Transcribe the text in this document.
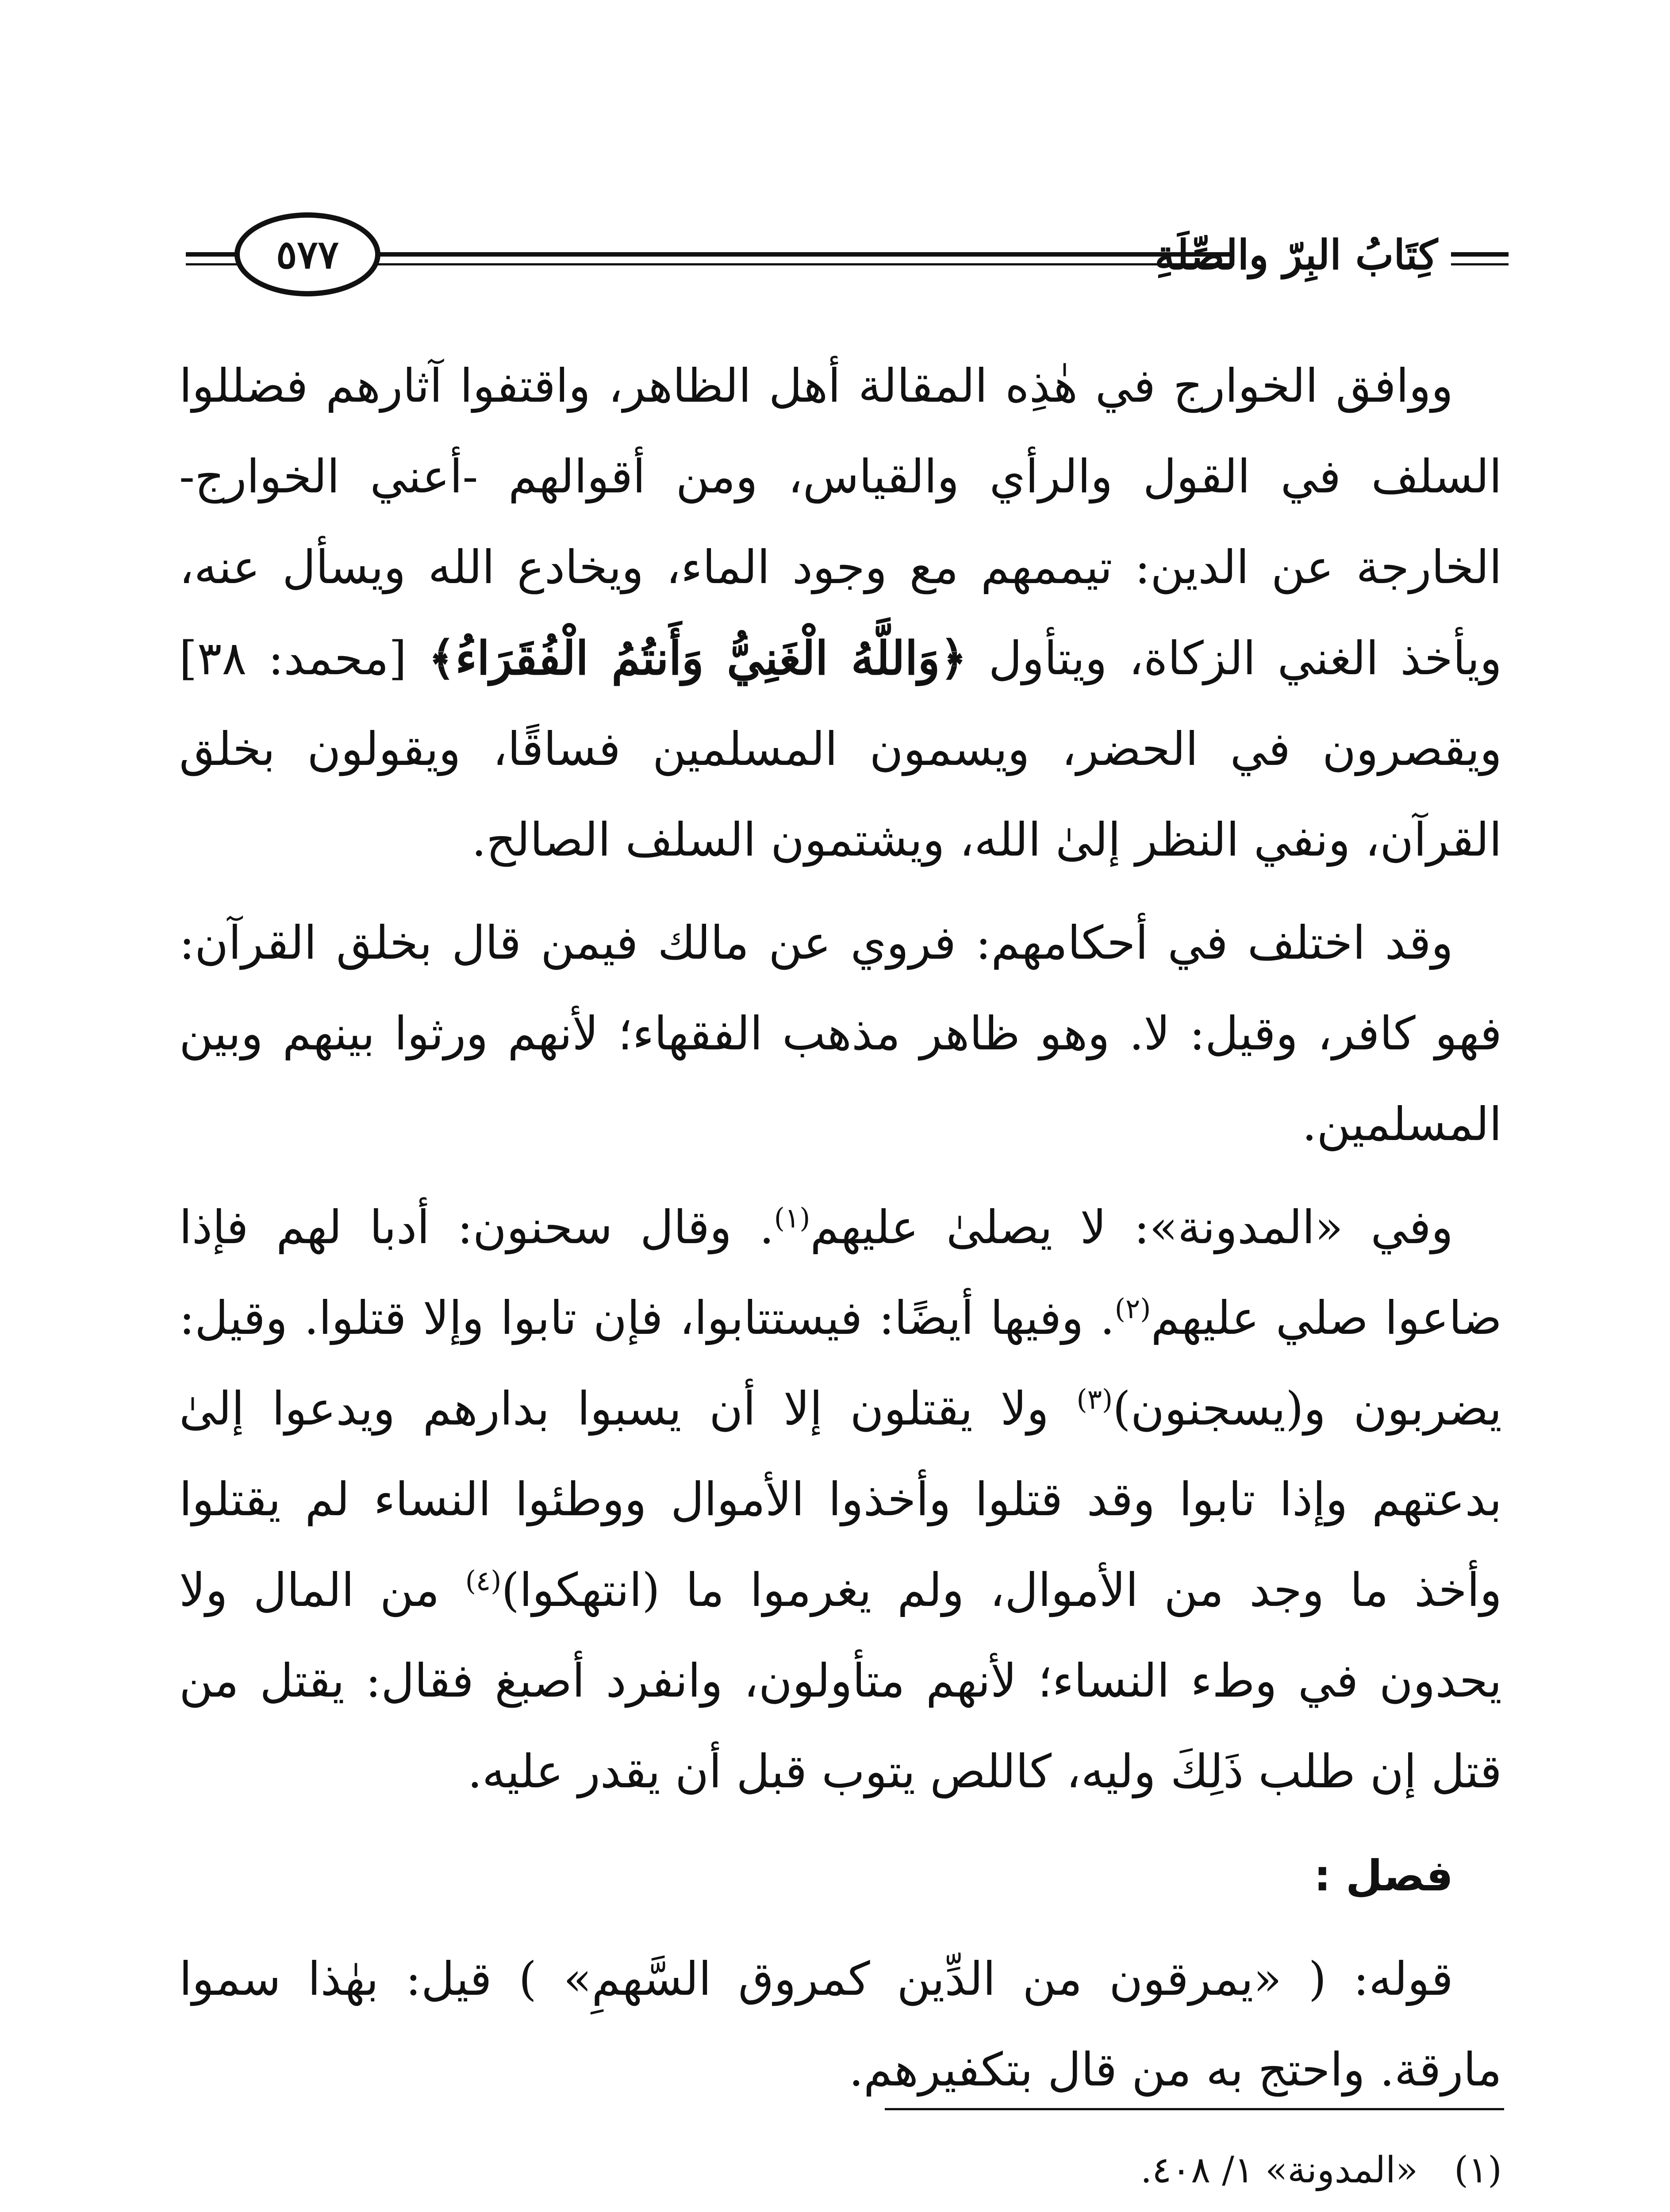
٥٧٧	كِتَابُ البِرّ والصِّلَةِ

ووافق الخوارج في هٰذِه المقالة أهل الظاهر، واقتفوا آثارهم فضللوا السلف في القول والرأي والقياس، ومن أقوالهم -أعني الخوارج- الخارجة عن الدين: تيممهم مع وجود الماء، ويخادع الله ويسأل عنه، ويأخذ الغني الزكاة، ويتأول ﴿وَاللَّهُ الْغَنِيُّ وَأَنتُمُ الْفُقَرَاءُ﴾ [محمد: ٣٨] ويقصرون في الحضر، ويسمون المسلمين فساقًا، ويقولون بخلق القرآن، ونفي النظر إلىٰ الله، ويشتمون السلف الصالح.

وقد اختلف في أحكامهم: فروي عن مالك فيمن قال بخلق القرآن: فهو كافر، وقيل: لا. وهو ظاهر مذهب الفقهاء؛ لأنهم ورثوا بينهم وبين المسلمين.

وفي «المدونة»: لا يصلىٰ عليهم$^{(١)}$. وقال سحنون: أدبا لهم فإذا ضاعوا صلي عليهم$^{(٢)}$. وفيها أيضًا: فيستتابوا، فإن تابوا وإلا قتلوا. وقيل: يضربون و(يسجنون)$^{(٣)}$ ولا يقتلون إلا أن يسبوا بدارهم ويدعوا إلىٰ بدعتهم وإذا تابوا وقد قتلوا وأخذوا الأموال ووطئوا النساء لم يقتلوا وأخذ ما وجد من الأموال، ولم يغرموا ما (انتهكوا)$^{(٤)}$ من المال ولا يحدون في وطء النساء؛ لأنهم متأولون، وانفرد أصبغ فقال: يقتل من قتل إن طلب ذَلِكَ وليه، كاللص يتوب قبل أن يقدر عليه.

فصل :

قوله: ( «يمرقون من الدِّين كمروق السَّهمِ» ) قيل: بهٰذا سموا مارقة. واحتج به من قال بتكفيرهم.

(١)
«المدونة» ١/ ٤٠٨.
